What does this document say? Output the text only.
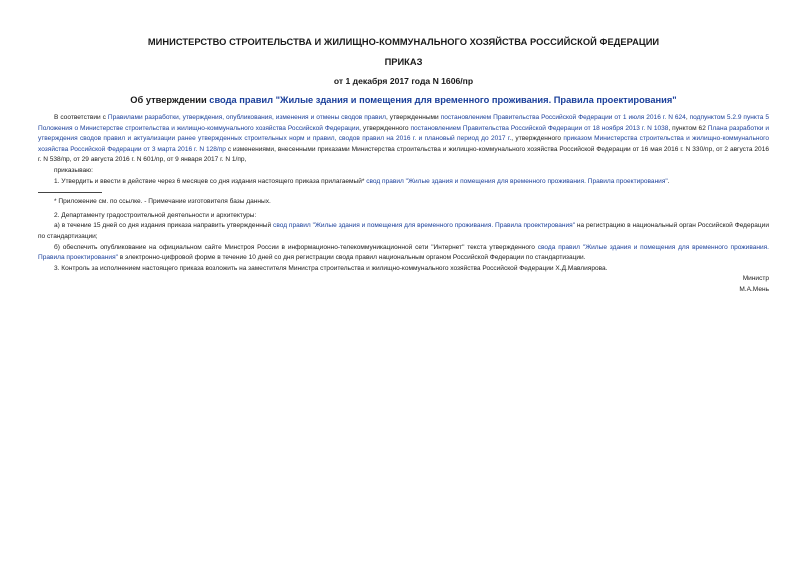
МИНИСТЕРСТВО СТРОИТЕЛЬСТВА И ЖИЛИЩНО-КОММУНАЛЬНОГО ХОЗЯЙСТВА РОССИЙСКОЙ ФЕДЕРАЦИИ
ПРИКАЗ
от 1 декабря 2017 года N 1606/пр
Об утверждении свода правил "Жилые здания и помещения для временного проживания. Правила проектирования"

В соответствии с Правилами разработки, утверждения, опубликования, изменения и отмены сводов правил, утвержденными постановлением Правительства Российской Федерации от 1 июля 2016 г. N 624, подпунктом 5.2.9 пункта 5 Положения о Министерстве строительства и жилищно-коммунального хозяйства Российской Федерации, утвержденного постановлением Правительства Российской Федерации от 18 ноября 2013 г. N 1038, пунктом 62 Плана разработки и утверждения сводов правил и актуализации ранее утвержденных строительных норм и правил, сводов правил на 2016 г. и плановый период до 2017 г., утвержденного приказом Министерства строительства и жилищно-коммунального хозяйства Российской Федерации от 3 марта 2016 г. N 128/пр с изменениями, внесенными приказами Министерства строительства и жилищно-коммунального хозяйства Российской Федерации от 16 мая 2016 г. N 330/пр, от 2 августа 2016 г. N 538/пр, от 29 августа 2016 г. N 601/пр, от 9 января 2017 г. N 1/пр,

приказываю:

1. Утвердить и ввести в действие через 6 месяцев со дня издания настоящего приказа прилагаемый* свод правил "Жилые здания и помещения для временного проживания. Правила проектирования".

* Приложение см. по ссылке. - Примечание изготовителя базы данных.

2. Департаменту градостроительной деятельности и архитектуры:

а) в течение 15 дней со дня издания приказа направить утвержденный свод правил "Жилые здания и помещения для временного проживания. Правила проектирования" на регистрацию в национальный орган Российской Федерации по стандартизации;

б) обеспечить опубликование на официальном сайте Минстроя России в информационно-телекоммуникационной сети "Интернет" текста утвержденного свода правил "Жилые здания и помещения для временного проживания. Правила проектирования" в электронно-цифровой форме в течение 10 дней со дня регистрации свода правил национальным органом Российской Федерации по стандартизации.

3. Контроль за исполнением настоящего приказа возложить на заместителя Министра строительства и жилищно-коммунального хозяйства Российской Федерации Х.Д.Мавлиярова.

Министр
М.А.Мень
